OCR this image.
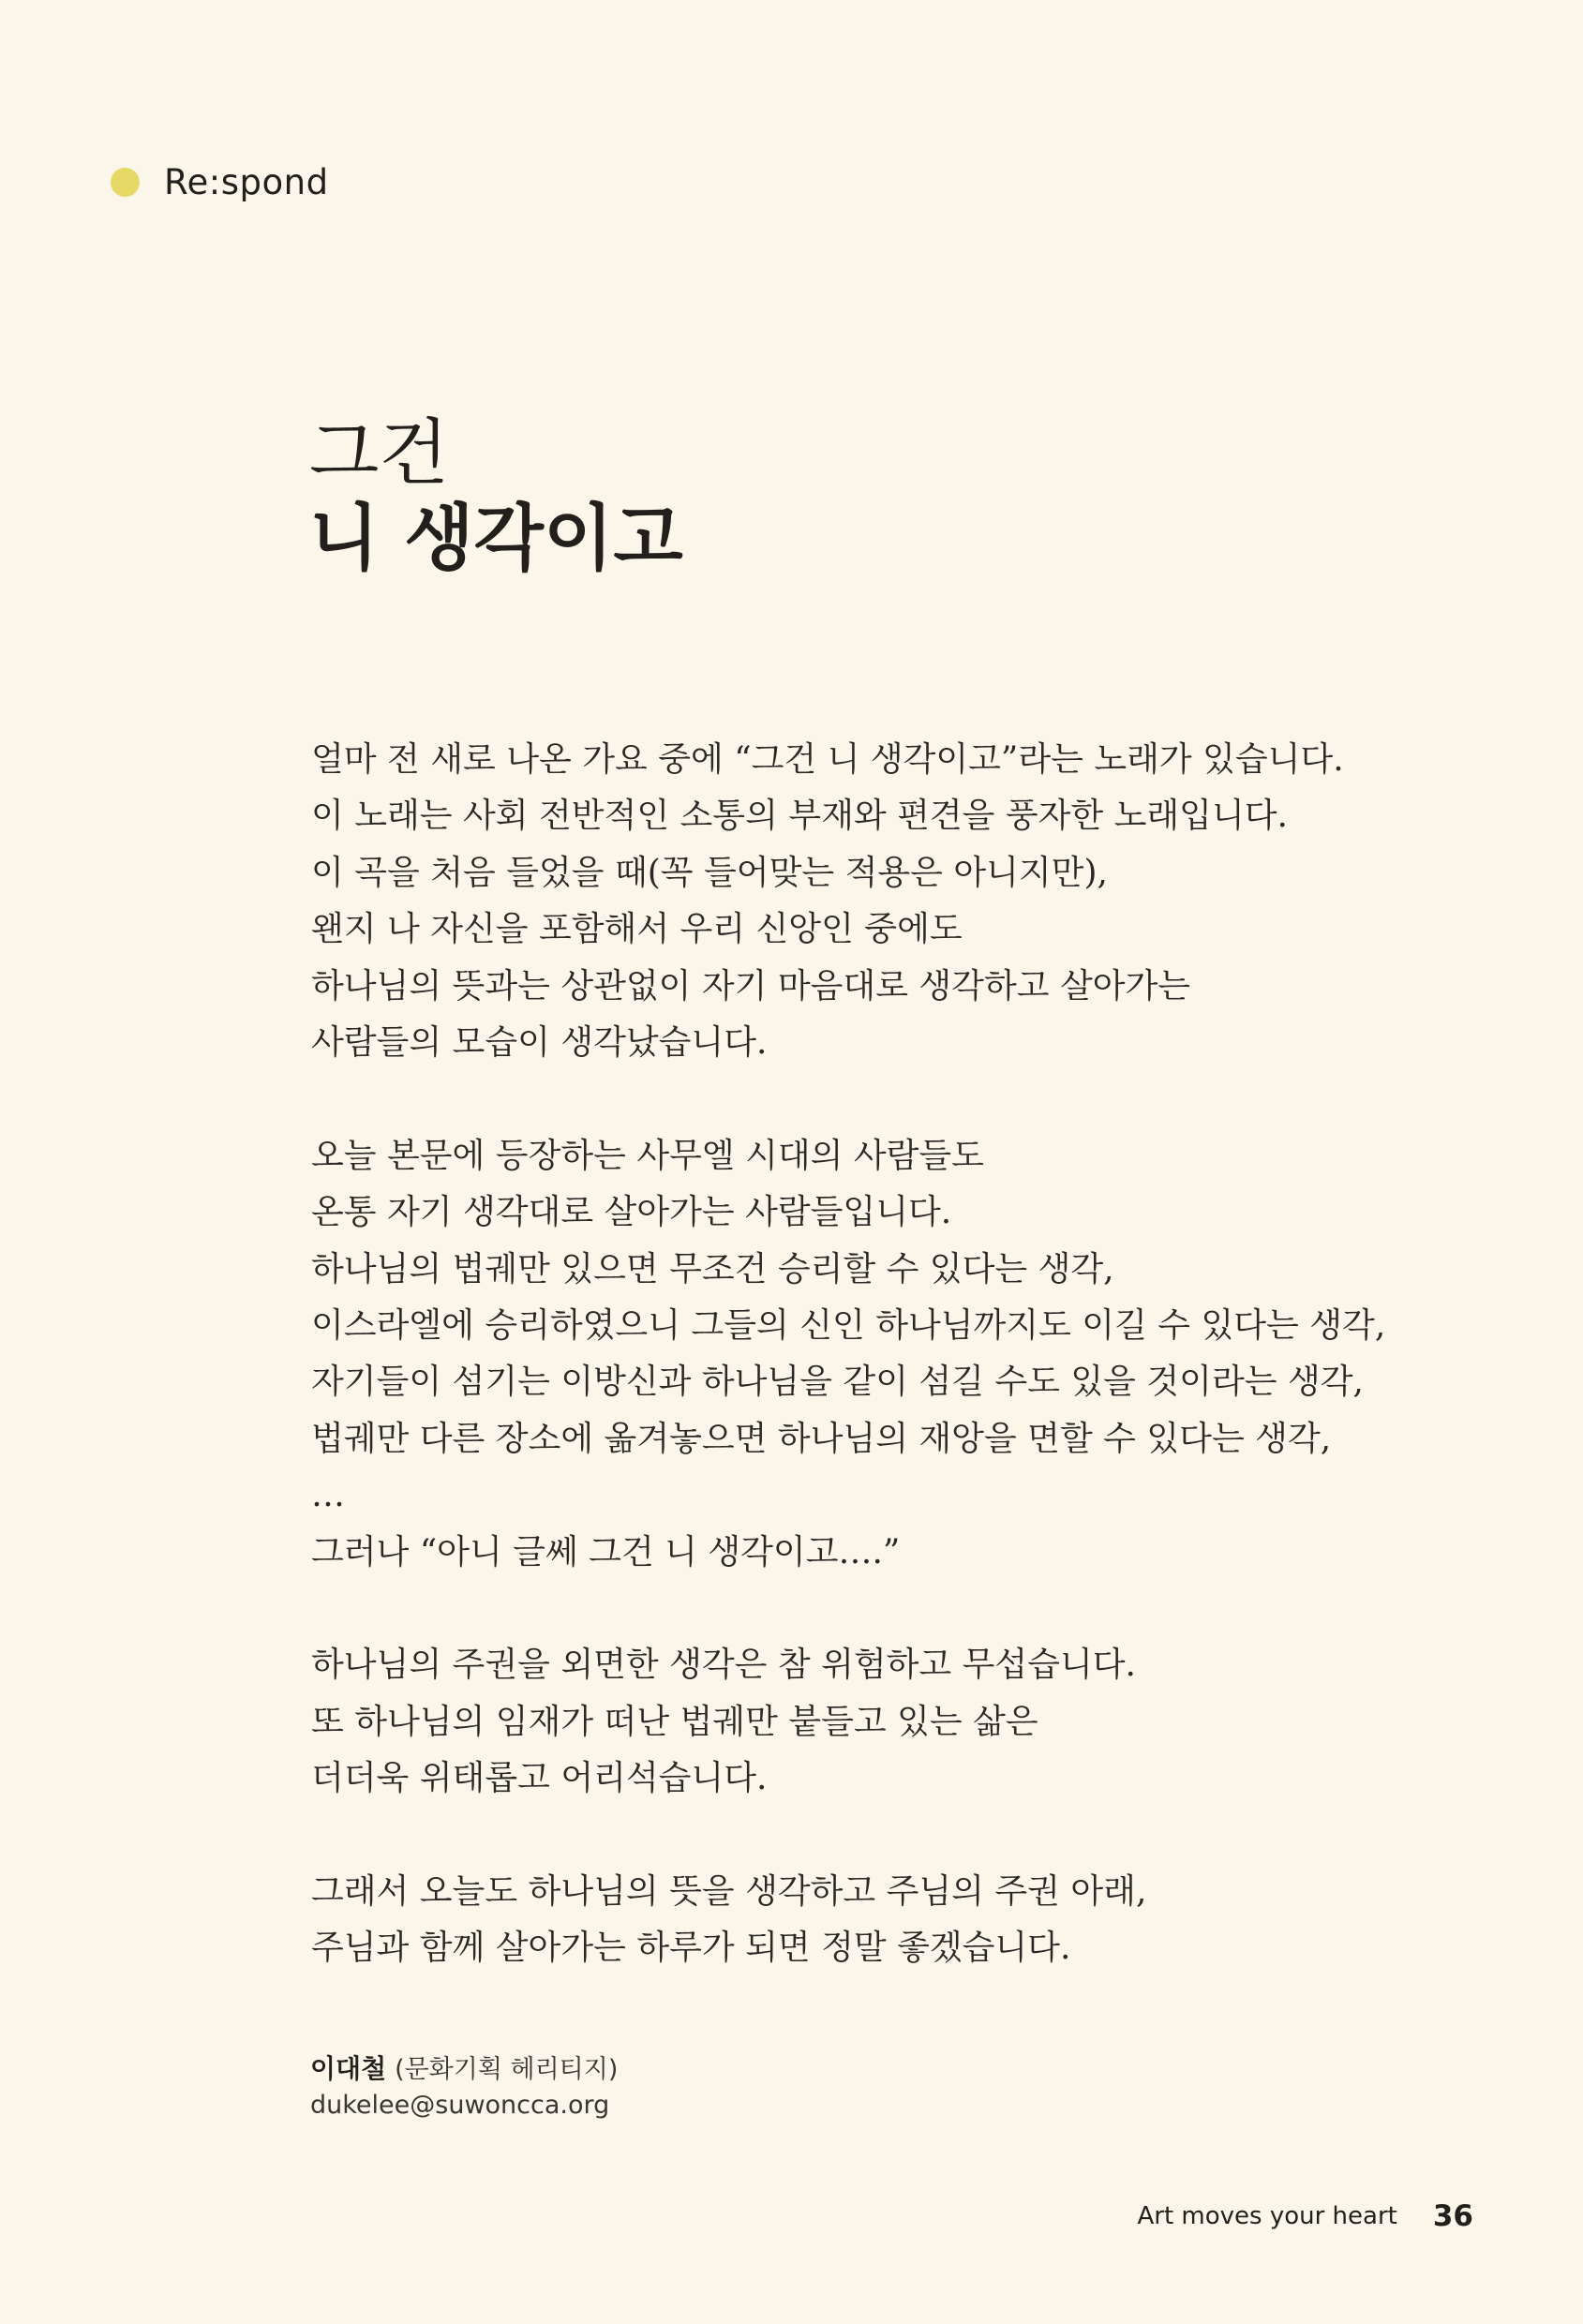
Re:spond
그건
니 생각이고

얼마 전 새로 나온 가요 중에 “그건 니 생각이고”라는 노래가 있습니다.
이 노래는 사회 전반적인 소통의 부재와 편견을 풍자한 노래입니다.
이 곡을 처음 들었을 때(꼭 들어맞는 적용은 아니지만),
왠지 나 자신을 포함해서 우리 신앙인 중에도
하나님의 뜻과는 상관없이 자기 마음대로 생각하고 살아가는
사람들의 모습이 생각났습니다.

오늘 본문에 등장하는 사무엘 시대의 사람들도
온통 자기 생각대로 살아가는 사람들입니다.
하나님의 법궤만 있으면 무조건 승리할 수 있다는 생각,
이스라엘에 승리하였으니 그들의 신인 하나님까지도 이길 수 있다는 생각,
자기들이 섬기는 이방신과 하나님을 같이 섬길 수도 있을 것이라는 생각,
법궤만 다른 장소에 옮겨놓으면 하나님의 재앙을 면할 수 있다는 생각,
…
그러나 “아니 글쎄 그건 니 생각이고….”

하나님의 주권을 외면한 생각은 참 위험하고 무섭습니다.
또 하나님의 임재가 떠난 법궤만 붙들고 있는 삶은
더더욱 위태롭고 어리석습니다.

그래서 오늘도 하나님의 뜻을 생각하고 주님의 주권 아래,
주님과 함께 살아가는 하루가 되면 정말 좋겠습니다.

이대철 (문화기획 헤리티지)
dukelee@suwoncca.org
Art moves your heart 36
